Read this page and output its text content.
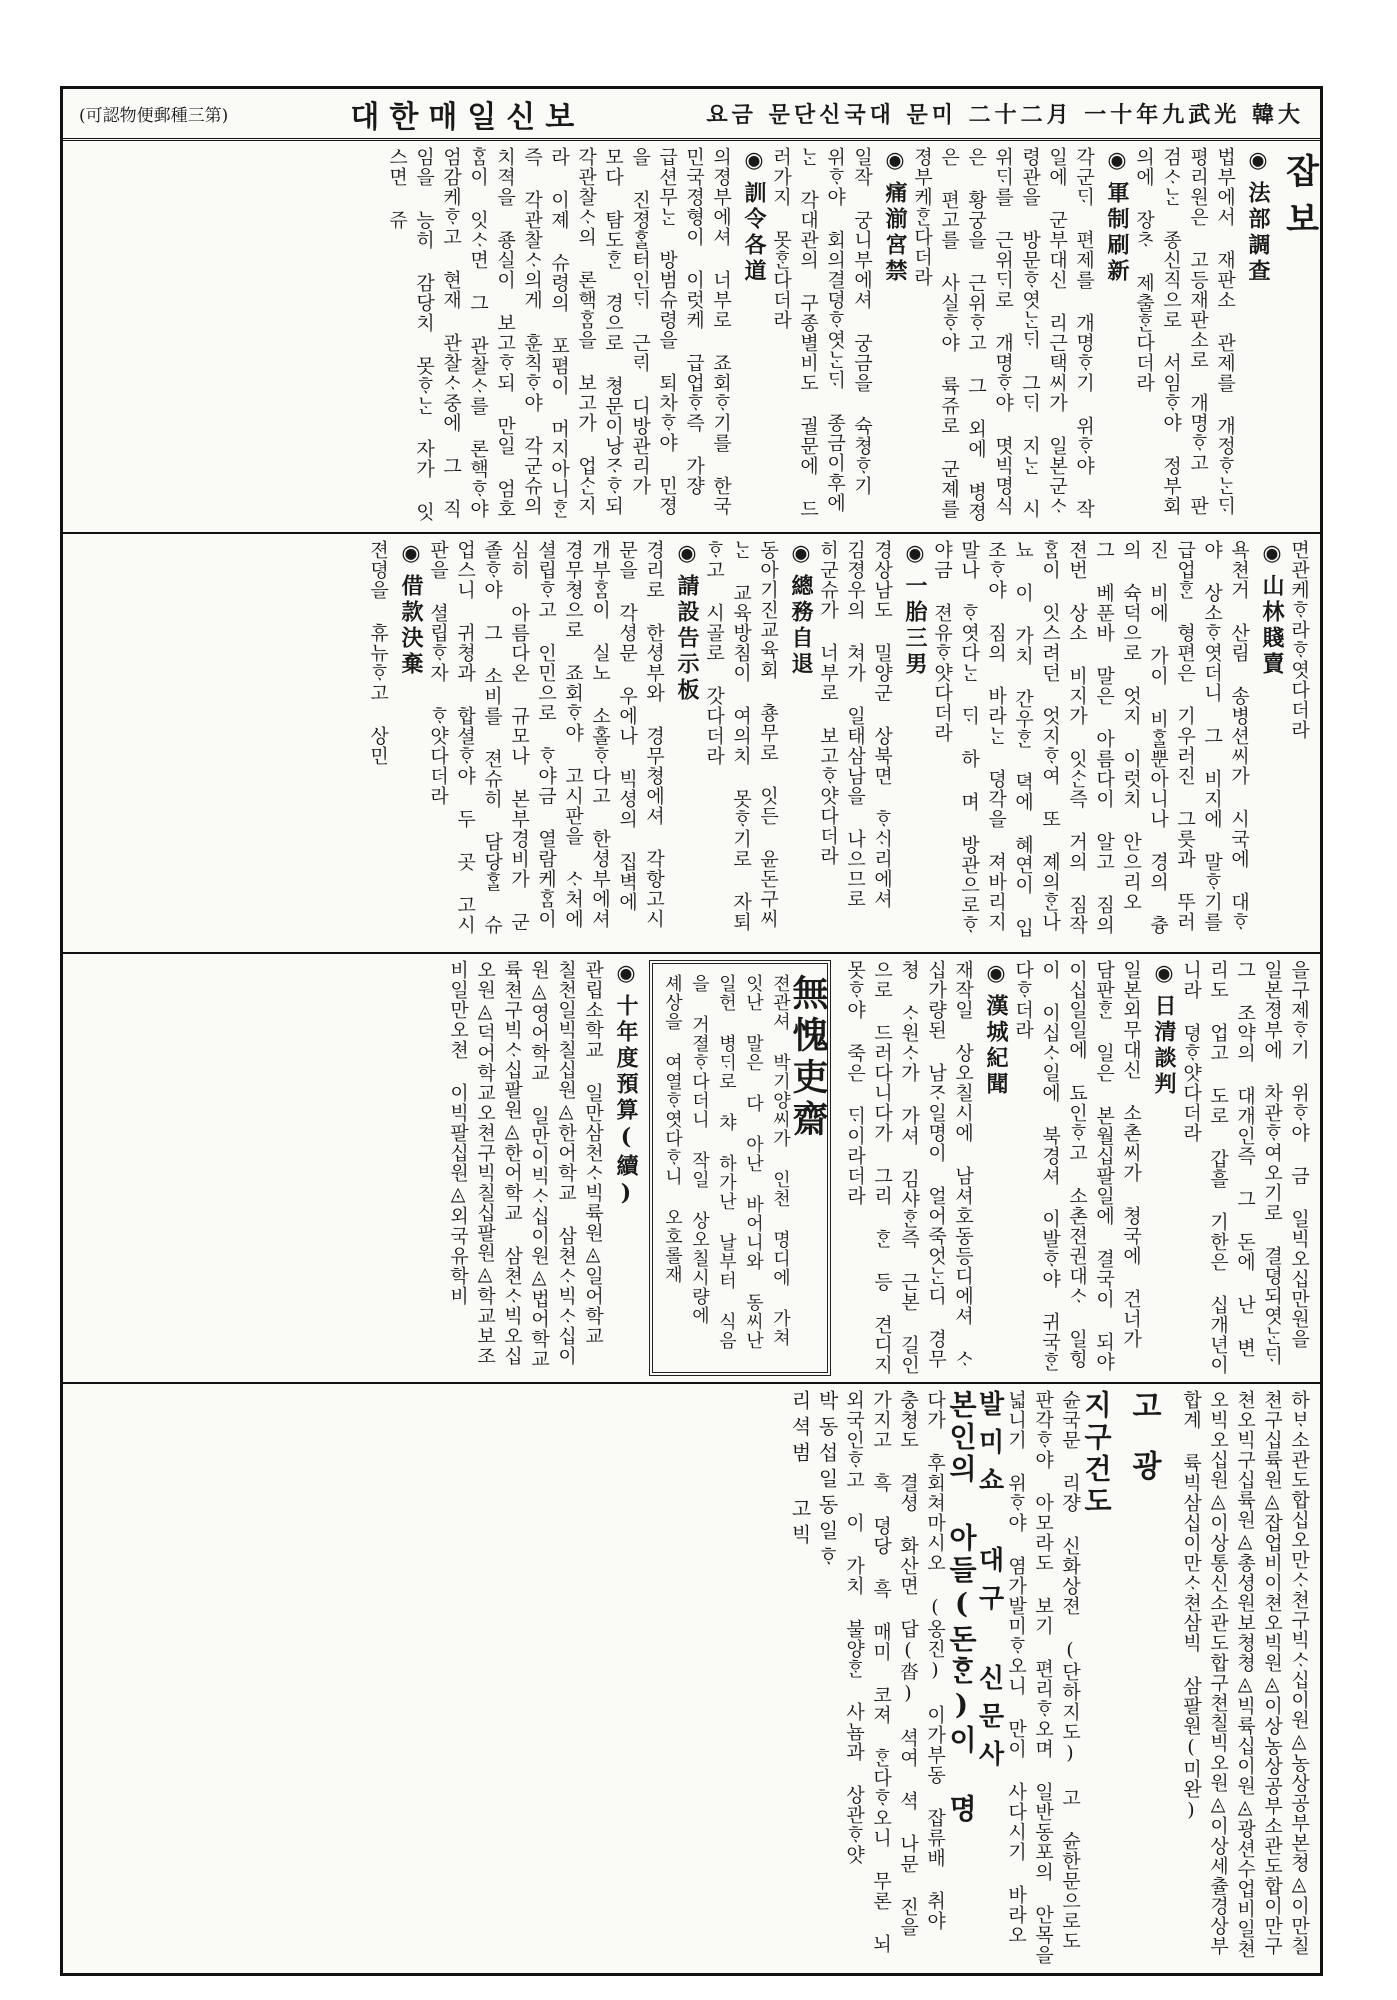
(可認物便郵種三第)	대한매일신보	요금 문단신국대 문미 二十二月 一十年九武光 韓大
잡보
◉ 法部調查
법부에서 재판소 관제를 개정ᄒᆞᄂᆞᆫᄃᆡ 평리원은 고등재판소로 개명ᄒᆞ고 판검ᄉᆞᄂᆞᆫ 종신직으로 서임ᄒᆞ야 정부회의에 장ᄎᆞ 제출ᄒᆞᆫ다더라
◉ 軍制刷新
각군ᄃᆡ 편제를 개명ᄒᆞ기 위ᄒᆞ야 작일에 군부대신 리근택씨가 일본군ᄉᆞ령관을 방문ᄒᆞ엿ᄂᆞᆫᄃᆡ 그ᄃᆡ 지ᄂᆞᆫ 시위ᄃᆡ를 근위ᄃᆡ로 개명ᄒᆞ야 몃빅명식은 황궁을 근위ᄒᆞ고 그 외에 병졍은 편고를 사실ᄒᆞ야 륙쥬로 군졔를 졍부케ᄒᆞᆫ다더라
◉ 痛湔宮禁
일작 궁니부에셔 궁금을 슉쳥ᄒᆞ기 위ᄒᆞ야 회의결뎡ᄒᆞ엿ᄂᆞᆫᄃᆡ 종금이후에ᄂᆞᆫ 각대관의 구종별비도 궐문에 드러가지 못ᄒᆞᆫ다더라
◉ 訓令各道
의졍부에셔 너부로 죠회ᄒᆞ기를 한국 민국졍형이 이럿케 급업ᄒᆞ즉 가쟝 급션무ᄂᆞᆫ 방범슈령을 퇴차ᄒᆞ야 민졍을 진졍ᄒᆞᆯ터인ᄃᆡ 근ᄅᆡ 디방관리가 모다 탐도ᄒᆞᆫ 경으로 쳥문이낭ᄌᆞᄒᆞ되 각관찰ᄉᆞ의 론핵ᄒᆞᆷ을 보고가 업ᄉᆞᆫ지라 이졔 슈령의 포폄이 머지아니ᄒᆞᆫ즉 각관찰ᄉᆞ의게 훈칙ᄒᆞ야 각군슈의 치젹을 죵실이 보고ᄒᆞ되 만일 엄호ᄒᆞᆷ이 잇ᄉᆞ면 그 관찰ᄉᆞ를 론핵ᄒᆞ야 엄감케ᄒᆞ고 현재 관찰ᄉᆞ중에 그 직임을 능히 감당치 못ᄒᆞᄂᆞᆫ 자가 잇스면 쥬
면관케ᄒᆞ라ᄒᆞ엿다더라
◉ 山林賤賣
욕쳔거 산림 송병션씨가 시국에 대ᄒᆞ야 상소ᄒᆞ엿더니 그 비지에 말ᄒᆞ기를 급업ᄒᆞᆫ 형편은 기우러진 그릇과 뚜러진 비에 가이 비ᄒᆞᆯ뿐아니나 경의 츙의 슉덕으로 엇지 이럿치 안으리오 그 베푼바 말은 아름다이 알고 짐의 젼번 상소 비지가 잇ᄉᆞᆫ즉 거의 짐작ᄒᆞᆷ이 잇스려던 엇지ᄒᆞ여 또 졔의ᄒᆞᆫ나뇨 이 가치 간우ᄒᆞᆫ 뎍에 혜연이 입조ᄒᆞ야 짐의 바라ᄂᆞᆫ 뎡각을 져바리지 말나 ᄒᆞ엿다ᄂᆞᆫ ᄃᆡ 하 며 방관으로ᄒᆞ야금 젼유ᄒᆞ얏다더라
◉ 一胎三男
경상남도 밀양군 상북면 ᄒᆞᄉᆡ리에셔 김졍우의 쳐가 일태삼남을 나으므로 히군슈가 너부로 보고ᄒᆞ얏다더라
◉ 總務自退
동아기진교육회 춍무로 잇든 윤돈구씨ᄂᆞᆫ 교육방침이 여의치 못ᄒᆞ기로 자퇴ᄒᆞ고 시골로 갓다더라
◉ 請設告示板
경리로 한셩부와 경무쳥에셔 각항고시문을 각셩문 우에나 빅셩의 집벽에 개부ᄒᆞᆷ이 실노 소홀ᄒᆞ다고 한셩부에셔 경무쳥으로 죠회ᄒᆞ야 고시판을 ᄉᆞ처에 셜립ᄒᆞ고 인민으로 ᄒᆞ야금 열람케ᄒᆞᆷ이 심히 아름다온 규모나 본부경비가 군졸ᄒᆞ야 그 소비를 젼슈히 담당ᄒᆞᆯ 슈 업스니 귀쳥과 합셜ᄒᆞ야 두 곳 고시판을 셜립ᄒᆞ자 ᄒᆞ얏다더라
◉ 借款決棄
젼뎡을 휴뉴ᄒᆞ고 상민
을구제ᄒᆞ기 위ᄒᆞ야 금 일빅오십만원을 일본졍부에 차관ᄒᆞ여오기로 결뎡되엿ᄂᆞᆫᄃᆡ 그 조약의 대개인즉 그 돈에 난 변리도 업고 도로 갑흘 기한은 십개년이니라 뎡ᄒᆞ얏다더라
◉ 日清談判
일본외무대신 소촌씨가 쳥국에 건너가 담판ᄒᆞᆫ 일은 본월십팔일에 결국이 되야 이십일일에 됴인ᄒᆞ고 소촌젼권대ᄉᆞ 일힝이 이십ᄉᆞ일에 북경셔 이발ᄒᆞ야 귀국ᄒᆞᆫ다ᄒᆞ더라
◉ 漢城紀聞
재작일 상오칠시에 남셔호동등디에셔 ᄉᆞ십가량된 남ᄌᆞ일명이 얼어죽엇ᄂᆞᆫ디 경무쳥 ᄉᆞ원ᄉᆞ가 가셔 김샤ᄒᆞᆫ즉 근본 길인으로 드러다니다가 그리 ᄒᆞᆫ 등 견디지 못ᄒᆞ야 죽은 ᄃᆡ이라더라
無愧吏齋
젼관셔 박기양씨가 인천 명디에 가쳐 잇난 말은 다 아난 바어니와 동씨난 일헌 병ᄃᆡ로 챠 하가난 날부터 식음을 거졀ᄒᆞ다더니 작일 상오칠시량에 셰상을 여열ᄒᆞ엿다ᄒᆞ니 오호롤재
◉ 十年度預算(續)
관립소학교 일만삼천ᄉᆞ빅륙원◬일어학교 칠천일빅칠십원◬한어학교 삼쳔ᄉᆞ빅ᄉᆞ십이원◬영어학교 일만이빅ᄉᆞ십이원◬법어학교 륙쳔구빅ᄉᆞ십팔원◬한어학교 삼쳔ᄉᆞ빅오십오원◬덕어학교오쳔구빅칠십팔원◬학교보조비일만오쳔 이빅팔십원◬외국유학비
하ᄇᆞ소관도합십오만ᄉᆞ쳔구빅ᄉᆞ십이원◬농상공부본쳥◬이만칠쳔구십륙원◬잡업비이쳔오빅원◬이상농상공부소관도합이만구쳔오빅구십륙원◬총셩원보쳥쳥◬빅륙십이원◬광션수업비일쳔오빅오십원◬이상통신소관도합구쳔칠빅오원◬이상세츌경상부합계 륙빅삼십이만ᄉᆞ쳔삼빅 삼팔원(미완)
고광
지구건도
슌국문 리쟝 신화상젼 (단하지도) 고 슌한문으로도 판각ᄒᆞ야 아모라도 보기 편리ᄒᆞ오며 일반동포의 안목을 넓니기 위ᄒᆞ야 염가발미ᄒᆞ오니 만이 사다시기 바라오
발미쇼 대구 신문사
본인의 아들(돈ᄒᆞᆫ)이 명
다가 후회쳐마시오 (옹진) 이가부동 잡류배 취야 충쳥도 결셩 화산면 답(沓) 셕여 셕 나문 진을 가지고 흑 뎡당 흑 매미 코져 ᄒᆞᆫ다ᄒᆞ오니 무론 뇌외국인ᄒᆞ고 이 가치 불양ᄒᆞᆫ 사뇸과 상관ᄒᆞ얏
박동섭일동일ᄒᆞ
리셕범 고빅
